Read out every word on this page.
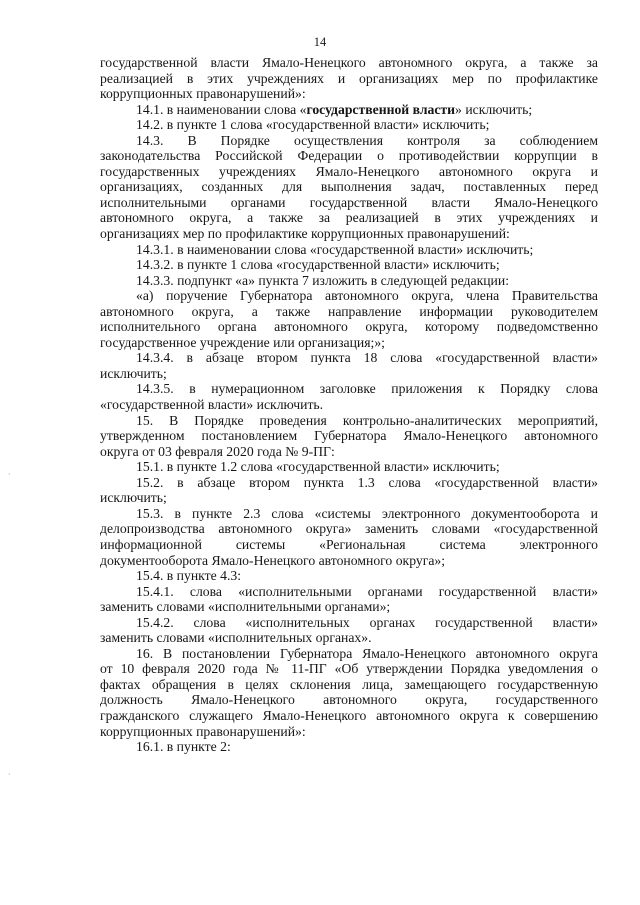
14
государственной власти Ямало-Ненецкого автономного округа, а также за
реализацией в этих учреждениях и организациях мер по профилактике
коррупционных правонарушений»:
14.1. в наименовании слова «государственной власти» исключить;
14.2. в пункте 1 слова «государственной власти» исключить;
14.3. В Порядке осуществления контроля за соблюдением
законодательства Российской Федерации о противодействии коррупции в
государственных учреждениях Ямало-Ненецкого автономного округа и
организациях, созданных для выполнения задач, поставленных перед
исполнительными органами государственной власти Ямало-Ненецкого
автономного округа, а также за реализацией в этих учреждениях и
организациях мер по профилактике коррупционных правонарушений:
14.3.1. в наименовании слова «государственной власти» исключить;
14.3.2. в пункте 1 слова «государственной власти» исключить;
14.3.3. подпункт «а» пункта 7 изложить в следующей редакции:
«а) поручение Губернатора автономного округа, члена Правительства
автономного округа, а также направление информации руководителем
исполнительного органа автономного округа, которому подведомственно
государственное учреждение или организация;»;
14.3.4. в абзаце втором пункта 18 слова «государственной власти»
исключить;
14.3.5. в нумерационном заголовке приложения к Порядку слова
«государственной власти» исключить.
15. В Порядке проведения контрольно-аналитических мероприятий,
утвержденном постановлением Губернатора Ямало-Ненецкого автономного
округа от 03 февраля 2020 года № 9-ПГ:
15.1. в пункте 1.2 слова «государственной власти» исключить;
15.2. в абзаце втором пункта 1.3 слова «государственной власти»
исключить;
15.3. в пункте 2.3 слова «системы электронного документооборота и
делопроизводства автономного округа» заменить словами «государственной
информационной системы «Региональная система электронного
документооборота Ямало-Ненецкого автономного округа»;
15.4. в пункте 4.3:
15.4.1. слова «исполнительными органами государственной власти»
заменить словами «исполнительными органами»;
15.4.2. слова «исполнительных органах государственной власти»
заменить словами «исполнительных органах».
16. В постановлении Губернатора Ямало-Ненецкого автономного округа
от 10 февраля 2020 года № 11-ПГ «Об утверждении Порядка уведомления о
фактах обращения в целях склонения лица, замещающего государственную
должность Ямало-Ненецкого автономного округа, государственного
гражданского служащего Ямало-Ненецкого автономного округа к совершению
коррупционных правонарушений»:
16.1. в пункте 2:
·
·
